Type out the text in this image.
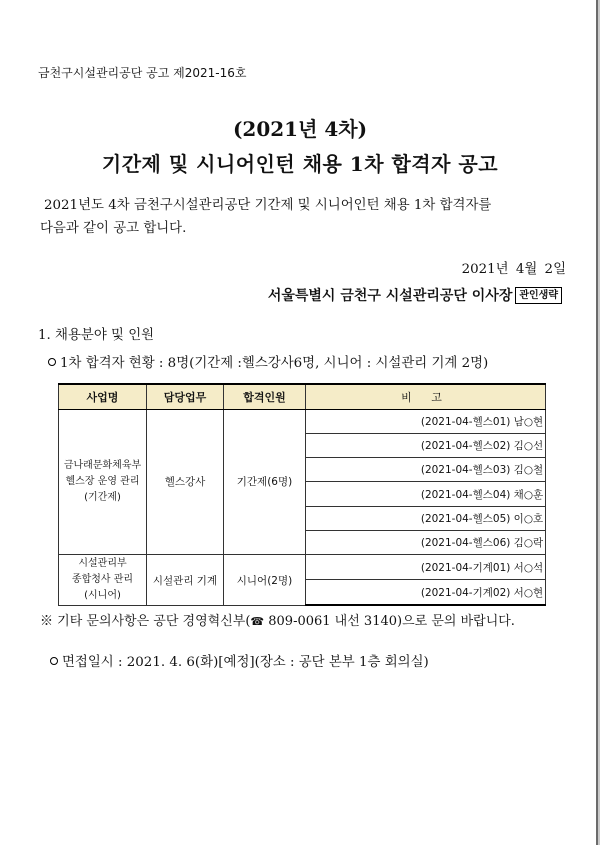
금천구시설관리공단 공고 제2021-16호
(2021년 4차)
기간제 및 시니어인턴 채용 1차 합격자 공고
2021년도 4차 금천구시설관리공단 기간제 및 시니어인턴 채용 1차 합격자를
다음과 같이 공고 합니다.
2021년 4월 2일
서울특별시 금천구 시설관리공단 이사장 관인생략
1. 채용분야 및 인원
1차 합격자 현황 : 8명(기간제 :헬스강사6명, 시니어 : 시설관리 기계 2명)
사업명	담당업무	합격인원	비 고

금나래문화체육부
헬스장 운영 관리
(기간제)	헬스강사	기간제(6명)	(2021-04-헬스01) 남○현
			(2021-04-헬스02) 김○선
			(2021-04-헬스03) 김○철
			(2021-04-헬스04) 채○훈
			(2021-04-헬스05) 이○호
			(2021-04-헬스06) 김○락

시설관리부
종합청사 관리
(시니어)	시설관리 기계	시니어(2명)	(2021-04-기계01) 서○석
			(2021-04-기계02) 서○현
※ 기타 문의사항은 공단 경영혁신부(☎ 809-0061 내선 3140)으로 문의 바랍니다.
면접일시 : 2021. 4. 6(화)[예정](장소 : 공단 본부 1층 회의실)
